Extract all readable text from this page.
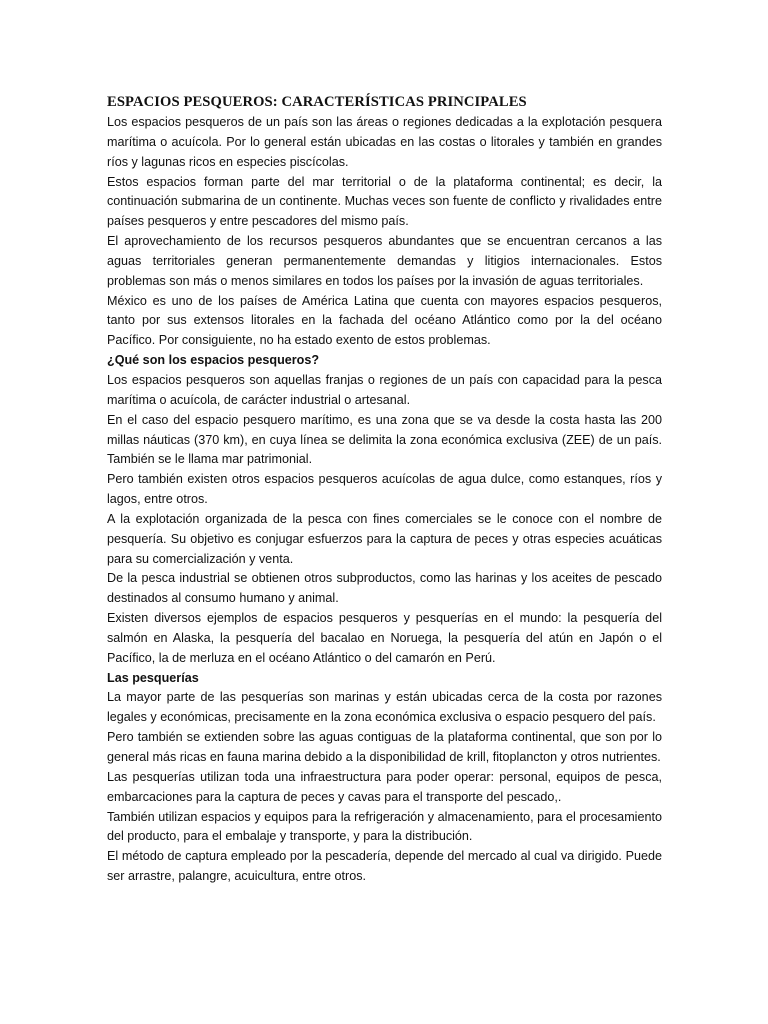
ESPACIOS PESQUEROS: CARACTERÍSTICAS PRINCIPALES
Los espacios pesqueros de un país son las áreas o regiones dedicadas a la explotación pesquera marítima o acuícola. Por lo general están ubicadas en las costas o litorales y también en grandes ríos y lagunas ricos en especies piscícolas.
Estos espacios forman parte del mar territorial o de la plataforma continental; es decir, la continuación submarina de un continente. Muchas veces son fuente de conflicto y rivalidades entre países pesqueros y entre pescadores del mismo país.
El aprovechamiento de los recursos pesqueros abundantes que se encuentran cercanos a las aguas territoriales generan permanentemente demandas y litigios internacionales. Estos problemas son más o menos similares en todos los países por la invasión de aguas territoriales.
México es uno de los países de América Latina que cuenta con mayores espacios pesqueros, tanto por sus extensos litorales en la fachada del océano Atlántico como por la del océano Pacífico. Por consiguiente, no ha estado exento de estos problemas.
¿Qué son los espacios pesqueros?
Los espacios pesqueros son aquellas franjas o regiones de un país con capacidad para la pesca marítima o acuícola, de carácter industrial o artesanal.
En el caso del espacio pesquero marítimo, es una zona que se va desde la costa hasta las 200 millas náuticas (370 km), en cuya línea se delimita la zona económica exclusiva (ZEE) de un país. También se le llama mar patrimonial.
Pero también existen otros espacios pesqueros acuícolas de agua dulce, como estanques, ríos y lagos, entre otros.
A la explotación organizada de la pesca con fines comerciales se le conoce con el nombre de pesquería. Su objetivo es conjugar esfuerzos para la captura de peces y otras especies acuáticas para su comercialización y venta.
De la pesca industrial se obtienen otros subproductos, como las harinas y los aceites de pescado destinados al consumo humano y animal.
Existen diversos ejemplos de espacios pesqueros y pesquerías en el mundo: la pesquería del salmón en Alaska, la pesquería del bacalao en Noruega, la pesquería del atún en Japón o el Pacífico, la de merluza en el océano Atlántico o del camarón en Perú.
Las pesquerías
La mayor parte de las pesquerías son marinas y están ubicadas cerca de la costa por razones legales y económicas, precisamente en la zona económica exclusiva o espacio pesquero del país.
Pero también se extienden sobre las aguas contiguas de la plataforma continental, que son por lo general más ricas en fauna marina debido a la disponibilidad de krill, fitoplancton y otros nutrientes.
Las pesquerías utilizan toda una infraestructura para poder operar: personal, equipos de pesca, embarcaciones para la captura de peces y cavas para el transporte del pescado,.
También utilizan espacios y equipos para la refrigeración y almacenamiento, para el procesamiento del producto, para el embalaje y transporte, y para la distribución.
El método de captura empleado por la pescadería, depende del mercado al cual va dirigido. Puede ser arrastre, palangre, acuicultura, entre otros.
